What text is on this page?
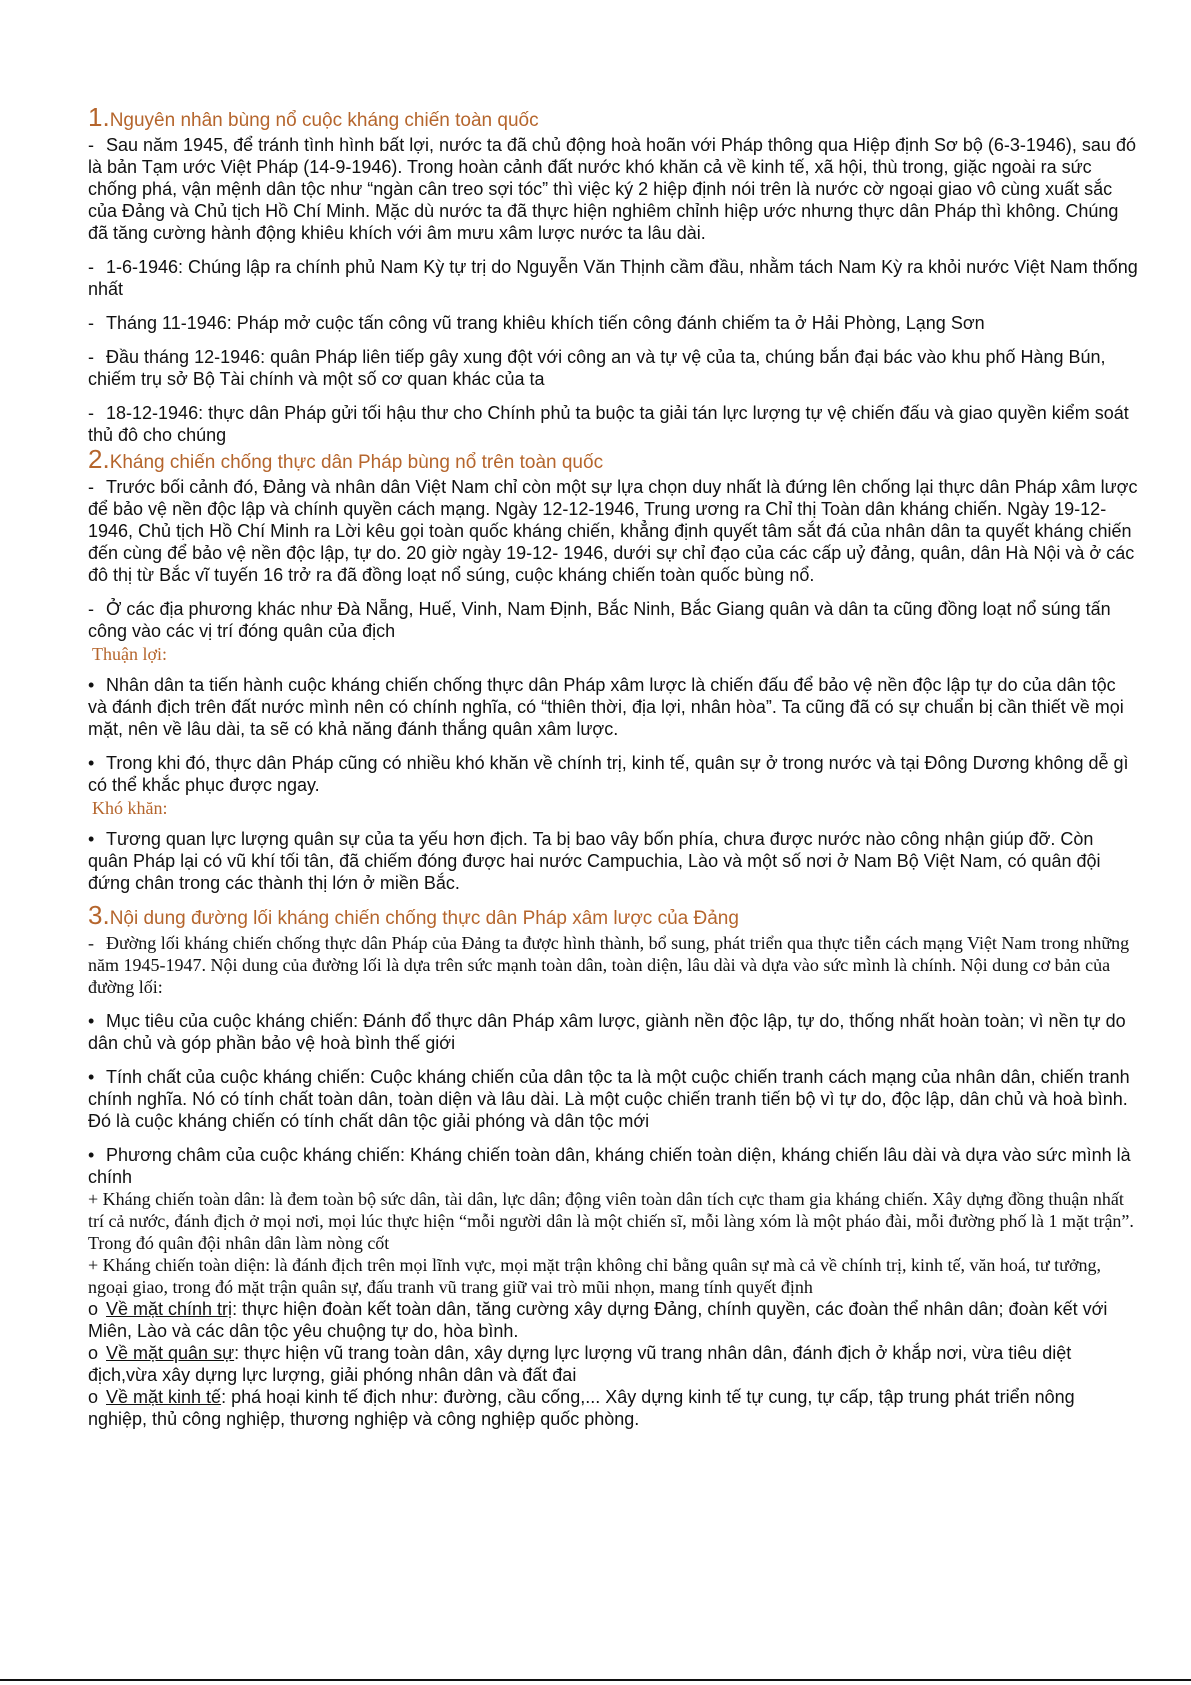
1.Nguyên nhân bùng nổ cuộc kháng chiến toàn quốc

- Sau năm 1945, để tránh tình hình bất lợi, nước ta đã chủ động hoà hoãn với Pháp thông qua Hiệp định Sơ bộ (6-3-1946), sau đó là bản Tạm ước Việt Pháp (14-9-1946). Trong hoàn cảnh đất nước khó khăn cả về kinh tế, xã hội, thù trong, giặc ngoài ra sức chống phá, vận mệnh dân tộc như “ngàn cân treo sợi tóc” thì việc ký 2 hiệp định nói trên là nước cờ ngoại giao vô cùng xuất sắc của Đảng và Chủ tịch Hồ Chí Minh. Mặc dù nước ta đã thực hiện nghiêm chỉnh hiệp ước nhưng thực dân Pháp thì không. Chúng đã tăng cường hành động khiêu khích với âm mưu xâm lược nước ta lâu dài.

- 1-6-1946: Chúng lập ra chính phủ Nam Kỳ tự trị do Nguyễn Văn Thịnh cầm đầu, nhằm tách Nam Kỳ ra khỏi nước Việt Nam thống nhất

- Tháng 11-1946: Pháp mở cuộc tấn công vũ trang khiêu khích tiến công đánh chiếm ta ở Hải Phòng, Lạng Sơn

- Đầu tháng 12-1946: quân Pháp liên tiếp gây xung đột với công an và tự vệ của ta, chúng bắn đại bác vào khu phố Hàng Bún, chiếm trụ sở Bộ Tài chính và một số cơ quan khác của ta

- 18-12-1946: thực dân Pháp gửi tối hậu thư cho Chính phủ ta buộc ta giải tán lực lượng tự vệ chiến đấu và giao quyền kiểm soát thủ đô cho chúng

2.Kháng chiến chống thực dân Pháp bùng nổ trên toàn quốc

- Trước bối cảnh đó, Đảng và nhân dân Việt Nam chỉ còn một sự lựa chọn duy nhất là đứng lên chống lại thực dân Pháp xâm lược để bảo vệ nền độc lập và chính quyền cách mạng. Ngày 12-12-1946, Trung ương ra Chỉ thị Toàn dân kháng chiến. Ngày 19-12-1946, Chủ tịch Hồ Chí Minh ra Lời kêu gọi toàn quốc kháng chiến, khẳng định quyết tâm sắt đá của nhân dân ta quyết kháng chiến đến cùng để bảo vệ nền độc lập, tự do. 20 giờ ngày 19-12- 1946, dưới sự chỉ đạo của các cấp uỷ đảng, quân, dân Hà Nội và ở các đô thị từ Bắc vĩ tuyến 16 trở ra đã đồng loạt nổ súng, cuộc kháng chiến toàn quốc bùng nổ.

- Ở các địa phương khác như Đà Nẵng, Huế, Vinh, Nam Định, Bắc Ninh, Bắc Giang quân và dân ta cũng đồng loạt nổ súng tấn công vào các vị trí đóng quân của địch

Thuận lợi:

• Nhân dân ta tiến hành cuộc kháng chiến chống thực dân Pháp xâm lược là chiến đấu để bảo vệ nền độc lập tự do của dân tộc và đánh địch trên đất nước mình nên có chính nghĩa, có “thiên thời, địa lợi, nhân hòa”. Ta cũng đã có sự chuẩn bị cần thiết về mọi mặt, nên về lâu dài, ta sẽ có khả năng đánh thắng quân xâm lược.

• Trong khi đó, thực dân Pháp cũng có nhiều khó khăn về chính trị, kinh tế, quân sự ở trong nước và tại Đông Dương không dễ gì có thể khắc phục được ngay.

Khó khăn:

• Tương quan lực lượng quân sự của ta yếu hơn địch. Ta bị bao vây bốn phía, chưa được nước nào công nhận giúp đỡ. Còn quân Pháp lại có vũ khí tối tân, đã chiếm đóng được hai nước Campuchia, Lào và một số nơi ở Nam Bộ Việt Nam, có quân đội đứng chân trong các thành thị lớn ở miền Bắc.

3.Nội dung đường lối kháng chiến chống thực dân Pháp xâm lược của Đảng

- Đường lối kháng chiến chống thực dân Pháp của Đảng ta được hình thành, bổ sung, phát triển qua thực tiễn cách mạng Việt Nam trong những năm 1945-1947. Nội dung của đường lối là dựa trên sức mạnh toàn dân, toàn diện, lâu dài và dựa vào sức mình là chính. Nội dung cơ bản của đường lối:

• Mục tiêu của cuộc kháng chiến: Đánh đổ thực dân Pháp xâm lược, giành nền độc lập, tự do, thống nhất hoàn toàn; vì nền tự do dân chủ và góp phần bảo vệ hoà bình thế giới

• Tính chất của cuộc kháng chiến: Cuộc kháng chiến của dân tộc ta là một cuộc chiến tranh cách mạng của nhân dân, chiến tranh chính nghĩa. Nó có tính chất toàn dân, toàn diện và lâu dài. Là một cuộc chiến tranh tiến bộ vì tự do, độc lập, dân chủ và hoà bình. Đó là cuộc kháng chiến có tính chất dân tộc giải phóng và dân tộc mới

• Phương châm của cuộc kháng chiến: Kháng chiến toàn dân, kháng chiến toàn diện, kháng chiến lâu dài và dựa vào sức mình là chính

+ Kháng chiến toàn dân: là đem toàn bộ sức dân, tài dân, lực dân; động viên toàn dân tích cực tham gia kháng chiến. Xây dựng đồng thuận nhất trí cả nước, đánh địch ở mọi nơi, mọi lúc thực hiện “mỗi người dân là một chiến sĩ, mỗi làng xóm là một pháo đài, mỗi đường phố là 1 mặt trận”. Trong đó quân đội nhân dân làm nòng cốt

+ Kháng chiến toàn diện: là đánh địch trên mọi lĩnh vực, mọi mặt trận không chỉ bằng quân sự mà cả về chính trị, kinh tế, văn hoá, tư tưởng, ngoại giao, trong đó mặt trận quân sự, đấu tranh vũ trang giữ vai trò mũi nhọn, mang tính quyết định

o Về mặt chính trị: thực hiện đoàn kết toàn dân, tăng cường xây dựng Đảng, chính quyền, các đoàn thể nhân dân; đoàn kết với Miên, Lào và các dân tộc yêu chuộng tự do, hòa bình.

o Về mặt quân sự: thực hiện vũ trang toàn dân, xây dựng lực lượng vũ trang nhân dân, đánh địch ở khắp nơi, vừa tiêu diệt địch,vừa xây dựng lực lượng, giải phóng nhân dân và đất đai

o Về mặt kinh tế: phá hoại kinh tế địch như: đường, cầu cống,... Xây dựng kinh tế tự cung, tự cấp, tập trung phát triển nông nghiệp, thủ công nghiệp, thương nghiệp và công nghiệp quốc phòng.
